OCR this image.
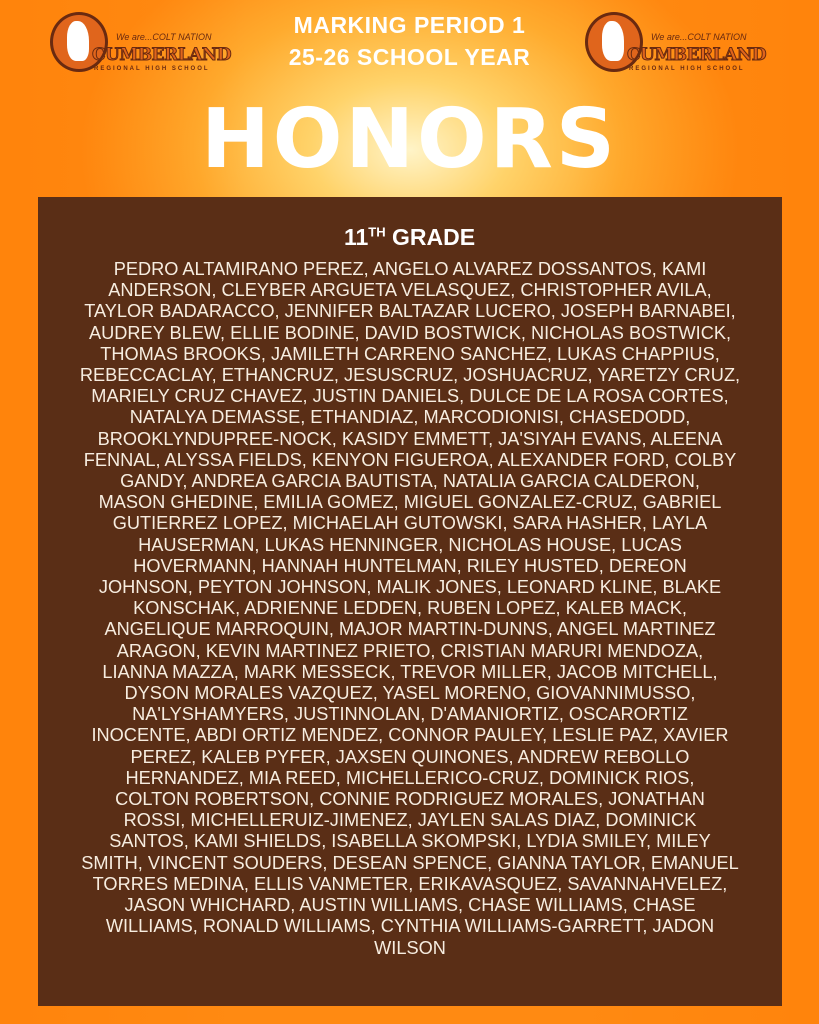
We are...COLT NATION
CUMBERLAND
REGIONAL HIGH SCHOOL
We are...COLT NATION
CUMBERLAND
REGIONAL HIGH SCHOOL
MARKING PERIOD 1
25-26 SCHOOL YEAR
HONORS
11TH GRADE
PEDRO ALTAMIRANO PEREZ, ANGELO ALVAREZ DOSSANTOS, KAMI
ANDERSON, CLEYBER ARGUETA VELASQUEZ, CHRISTOPHER AVILA,
TAYLOR BADARACCO, JENNIFER BALTAZAR LUCERO, JOSEPH BARNABEI,
AUDREY BLEW, ELLIE BODINE, DAVID BOSTWICK, NICHOLAS BOSTWICK,
THOMAS BROOKS, JAMILETH CARRENO SANCHEZ, LUKAS CHAPPIUS,
REBECCACLAY, ETHANCRUZ, JESUSCRUZ, JOSHUACRUZ, YARETZY CRUZ,
MARIELY CRUZ CHAVEZ, JUSTIN DANIELS, DULCE DE LA ROSA CORTES,
NATALYA DEMASSE, ETHANDIAZ, MARCODIONISI, CHASEDODD,
BROOKLYNDUPREE-NOCK, KASIDY EMMETT, JA'SIYAH EVANS, ALEENA
FENNAL, ALYSSA FIELDS, KENYON FIGUEROA, ALEXANDER FORD, COLBY
GANDY, ANDREA GARCIA BAUTISTA, NATALIA GARCIA CALDERON,
MASON GHEDINE, EMILIA GOMEZ, MIGUEL GONZALEZ-CRUZ, GABRIEL
GUTIERREZ LOPEZ, MICHAELAH GUTOWSKI, SARA HASHER, LAYLA
HAUSERMAN, LUKAS HENNINGER, NICHOLAS HOUSE, LUCAS
HOVERMANN, HANNAH HUNTELMAN, RILEY HUSTED, DEREON
JOHNSON, PEYTON JOHNSON, MALIK JONES, LEONARD KLINE, BLAKE
KONSCHAK, ADRIENNE LEDDEN, RUBEN LOPEZ, KALEB MACK,
ANGELIQUE MARROQUIN, MAJOR MARTIN-DUNNS, ANGEL MARTINEZ
ARAGON, KEVIN MARTINEZ PRIETO, CRISTIAN MARURI MENDOZA,
LIANNA MAZZA, MARK MESSECK, TREVOR MILLER, JACOB MITCHELL,
DYSON MORALES VAZQUEZ, YASEL MORENO, GIOVANNIMUSSO,
NA'LYSHAMYERS, JUSTINNOLAN, D'AMANIORTIZ, OSCARORTIZ
INOCENTE, ABDI ORTIZ MENDEZ, CONNOR PAULEY, LESLIE PAZ, XAVIER
PEREZ, KALEB PYFER, JAXSEN QUINONES, ANDREW REBOLLO
HERNANDEZ, MIA REED, MICHELLERICO-CRUZ, DOMINICK RIOS,
COLTON ROBERTSON, CONNIE RODRIGUEZ MORALES, JONATHAN
ROSSI, MICHELLERUIZ-JIMENEZ, JAYLEN SALAS DIAZ, DOMINICK
SANTOS, KAMI SHIELDS, ISABELLA SKOMPSKI, LYDIA SMILEY, MILEY
SMITH, VINCENT SOUDERS, DESEAN SPENCE, GIANNA TAYLOR, EMANUEL
TORRES MEDINA, ELLIS VANMETER, ERIKAVASQUEZ, SAVANNAHVELEZ,
JASON WHICHARD, AUSTIN WILLIAMS, CHASE WILLIAMS, CHASE
WILLIAMS, RONALD WILLIAMS, CYNTHIA WILLIAMS-GARRETT, JADON
WILSON
